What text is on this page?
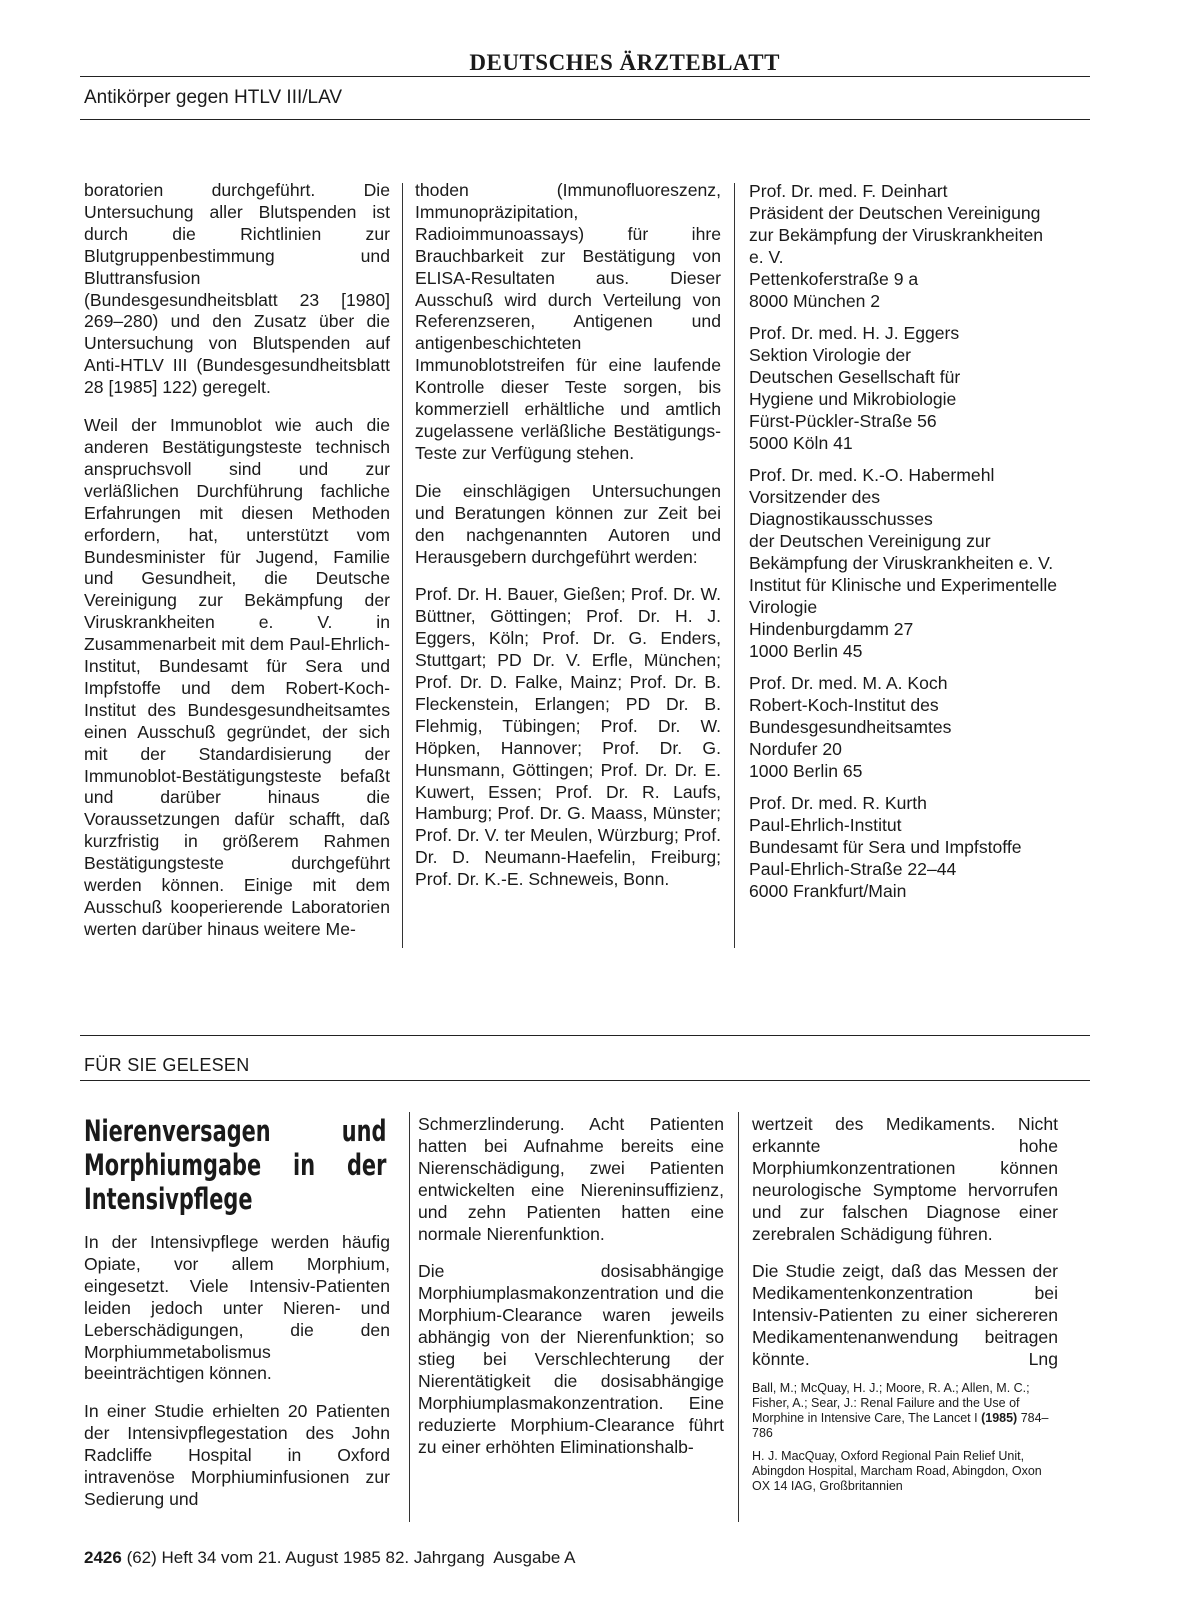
DEUTSCHES ÄRZTEBLATT
Antikörper gegen HTLV III/LAV

boratorien durchgeführt. Die Untersuchung aller Blutspenden ist durch die Richtlinien zur Blutgruppenbestimmung und Bluttransfusion (Bundesgesundheitsblatt 23 [1980] 269–280) und den Zusatz über die Untersuchung von Blutspenden auf Anti-HTLV III (Bundesgesundheitsblatt 28 [1985] 122) geregelt.

Weil der Immunoblot wie auch die anderen Bestätigungsteste technisch anspruchsvoll sind und zur verläßlichen Durchführung fachliche Erfahrungen mit diesen Methoden erfordern, hat, unterstützt vom Bundesminister für Jugend, Familie und Gesundheit, die Deutsche Vereinigung zur Bekämpfung der Viruskrankheiten e. V. in Zusammenarbeit mit dem Paul-Ehrlich-Institut, Bundesamt für Sera und Impfstoffe und dem Robert-Koch-Institut des Bundesgesundheitsamtes einen Ausschuß gegründet, der sich mit der Standardisierung der Immunoblot-Bestätigungsteste befaßt und darüber hinaus die Voraussetzungen dafür schafft, daß kurzfristig in größerem Rahmen Bestätigungsteste durchgeführt werden können. Einige mit dem Ausschuß kooperierende Laboratorien werten darüber hinaus weitere Me-

thoden (Immunofluoreszenz, Immunopräzipitation, Radioimmunoassays) für ihre Brauchbarkeit zur Bestätigung von ELISA-Resultaten aus. Dieser Ausschuß wird durch Verteilung von Referenzseren, Antigenen und antigenbeschichteten Immunoblotstreifen für eine laufende Kontrolle dieser Teste sorgen, bis kommerziell erhältliche und amtlich zugelassene verläßliche Bestätigungs-Teste zur Verfügung stehen.

Die einschlägigen Untersuchungen und Beratungen können zur Zeit bei den nachgenannten Autoren und Herausgebern durchgeführt werden:

Prof. Dr. H. Bauer, Gießen; Prof. Dr. W. Büttner, Göttingen; Prof. Dr. H. J. Eggers, Köln; Prof. Dr. G. Enders, Stuttgart; PD Dr. V. Erfle, München; Prof. Dr. D. Falke, Mainz; Prof. Dr. B. Fleckenstein, Erlangen; PD Dr. B. Flehmig, Tübingen; Prof. Dr. W. Höpken, Hannover; Prof. Dr. G. Hunsmann, Göttingen; Prof. Dr. Dr. E. Kuwert, Essen; Prof. Dr. R. Laufs, Hamburg; Prof. Dr. G. Maass, Münster; Prof. Dr. V. ter Meulen, Würzburg; Prof. Dr. D. Neumann-Haefelin, Freiburg; Prof. Dr. K.-E. Schneweis, Bonn.

Prof. Dr. med. F. Deinhart
Präsident der Deutschen Vereinigung
zur Bekämpfung der Viruskrankheiten e. V.
Pettenkoferstraße 9 a
8000 München 2
Prof. Dr. med. H. J. Eggers
Sektion Virologie der
Deutschen Gesellschaft für
Hygiene und Mikrobiologie
Fürst-Pückler-Straße 56
5000 Köln 41
Prof. Dr. med. K.-O. Habermehl
Vorsitzender des Diagnostikausschusses
der Deutschen Vereinigung zur
Bekämpfung der Viruskrankheiten e. V.
Institut für Klinische und Experimentelle Virologie
Hindenburgdamm 27
1000 Berlin 45
Prof. Dr. med. M. A. Koch
Robert-Koch-Institut des
Bundesgesundheitsamtes
Nordufer 20
1000 Berlin 65
Prof. Dr. med. R. Kurth
Paul-Ehrlich-Institut
Bundesamt für Sera und Impfstoffe
Paul-Ehrlich-Straße 22–44
6000 Frankfurt/Main
FÜR SIE GELESEN
Nierenversagen und Morphiumgabe in der Intensivpflege

In der Intensivpflege werden häufig Opiate, vor allem Morphium, eingesetzt. Viele Intensiv-Patienten leiden jedoch unter Nieren- und Leberschädigungen, die den Morphiummetabolismus beeinträchtigen können.

In einer Studie erhielten 20 Patienten der Intensivpflegestation des John Radcliffe Hospital in Oxford intravenöse Morphiuminfusionen zur Sedierung und

Schmerzlinderung. Acht Patienten hatten bei Aufnahme bereits eine Nierenschädigung, zwei Patienten entwickelten eine Niereninsuffizienz, und zehn Patienten hatten eine normale Nierenfunktion.

Die dosisabhängige Morphiumplasmakonzentration und die Morphium-Clearance waren jeweils abhängig von der Nierenfunktion; so stieg bei Verschlechterung der Nierentätigkeit die dosisabhängige Morphiumplasmakonzentration. Eine reduzierte Morphium-Clearance führt zu einer erhöhten Eliminationshalb-

wertzeit des Medikaments. Nicht erkannte hohe Morphiumkonzentrationen können neurologische Symptome hervorrufen und zur falschen Diagnose einer zerebralen Schädigung führen.

Die Studie zeigt, daß das Messen der Medikamentenkonzentration bei Intensiv-Patienten zu einer sichereren Medikamentenanwendung beitragen könnte.	Lng

Ball, M.; McQuay, H. J.; Moore, R. A.; Allen, M. C.; Fisher, A.; Sear, J.: Renal Failure and the Use of Morphine in Intensive Care, The Lancet I (1985) 784–786
H. J. MacQuay, Oxford Regional Pain Relief Unit, Abingdon Hospital, Marcham Road, Abingdon, Oxon OX 14 IAG, Großbritannien
2426 (62) Heft 34 vom 21. August 1985 82. Jahrgang  Ausgabe A
